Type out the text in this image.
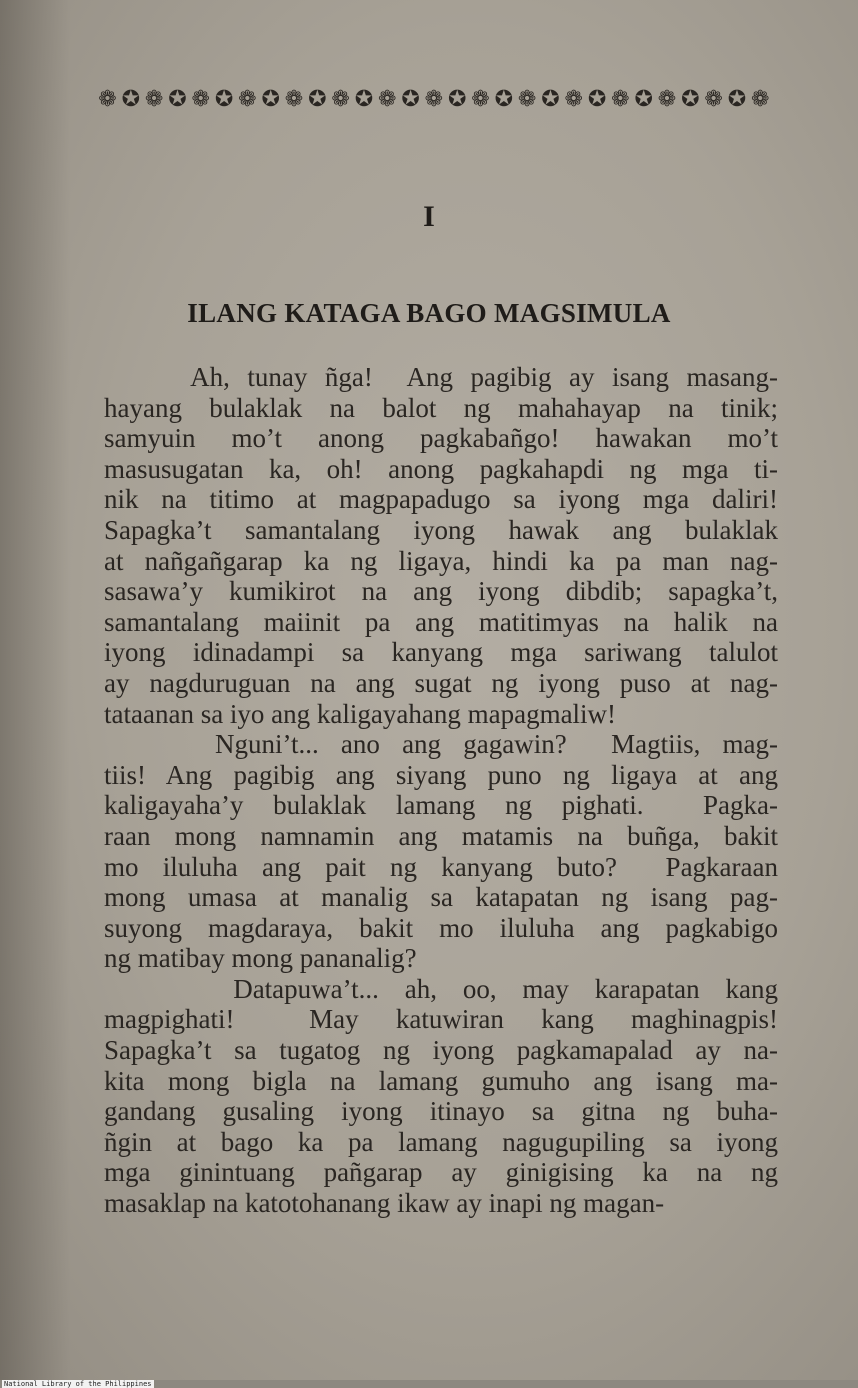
❁ ✪ ❁ ✪ ❁ ✪ ❁ ✪ ❁ ✪ ❁ ✪ ❁ ✪ ❁ ✪ ❁ ✪ ❁ ✪ ❁ ✪ ❁ ✪ ❁ ✪ ❁ ✪ ❁
I
ILANG KATAGA BAGO MAGSIMULA
Ah, tunay ñga!  Ang pagibig ay isang masang-
hayang bulaklak na balot ng mahahayap na tinik;
samyuin mo’t anong pagkabañgo! hawakan mo’t
masusugatan ka, oh! anong pagkahapdi ng mga ti-
nik na titimo at magpapadugo sa iyong mga daliri!
Sapagka’t samantalang iyong hawak ang bulaklak
at nañgañgarap ka ng ligaya, hindi ka pa man nag-
sasawa’y kumikirot na ang iyong dibdib; sapagka’t,
samantalang maiinit pa ang matitimyas na halik na
iyong idinadampi sa kanyang mga sariwang talulot
ay nagduruguan na ang sugat ng iyong puso at nag-
tataanan sa iyo ang kaligayahang mapagmaliw!
Nguni’t... ano ang gagawin?  Magtiis, mag-
tiis! Ang pagibig ang siyang puno ng ligaya at ang
kaligayaha’y bulaklak lamang ng pighati.  Pagka-
raan mong namnamin ang matamis na buñga, bakit
mo iluluha ang pait ng kanyang buto?  Pagkaraan
mong umasa at manalig sa katapatan ng isang pag-
suyong magdaraya, bakit mo iluluha ang pagkabigo
ng matibay mong pananalig?
Datapuwa’t... ah, oo, may karapatan kang
magpighati!  May katuwiran kang maghinagpis!
Sapagka’t sa tugatog ng iyong pagkamapalad ay na-
kita mong bigla na lamang gumuho ang isang ma-
gandang gusaling iyong itinayo sa gitna ng buha-
ñgin at bago ka pa lamang nagugupiling sa iyong
mga ginintuang pañgarap ay ginigising ka na ng
masaklap na katotohanang ikaw ay inapi ng magan-
National Library of the Philippines
